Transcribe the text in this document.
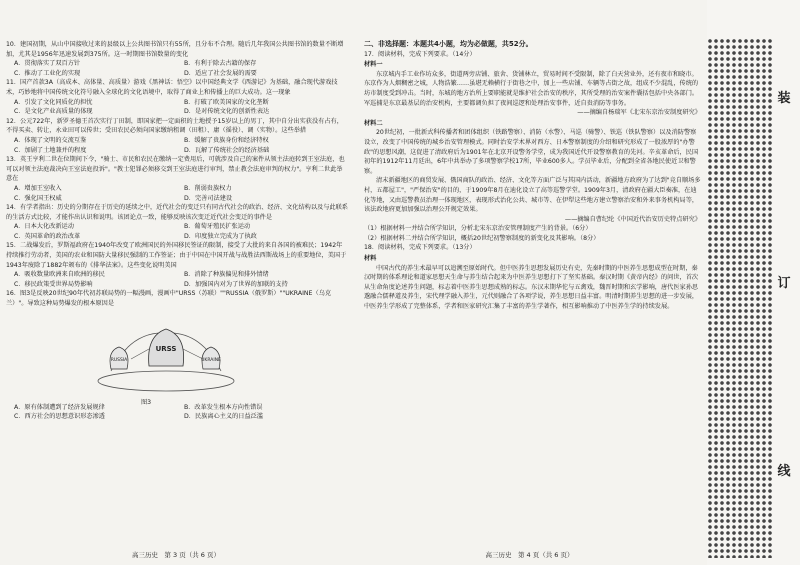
10．建国初期，从山中国接收过来的县级以上公共图书馆只有55所，且分布不合理。随后几年我国公共图书馆的数量不断增加，尤其是1956年迅速发展到375所。这一时期图书馆数量的变化
A．贯彻落实了双百方针	B．有利于除去古籍的保存
C．推动了工业化的实现	D．适应了社会发展的需要
11．国产首款3A（高成本、高体量、高质量）游戏《黑神话：悟空》以中国经典文学《西游记》为基础，融合现代游戏技术，巧妙地将中国传统文化符号融入全球化的文化语境中，取得了商业上和传播上的巨大成功。这一现象
A．引发了文化同质化的担忧	B．打破了欧美国家的文化垄断
C．是文化产业高质量的体现	D．是对传统文化的创新性表达
12．公元722年，新罗圣德王首次实行丁田制，即国家把一定面积的土地授予15岁以上的男丁，其中自分出实获没有占有，不得买卖、转让，永业田可以传世；受田农民必须向国家缴纳租调（田租）、庸（徭役）、调（实物）。这些举措
A．体现了文明的交流互鉴	B．缓解了贵族身份和经济特权
C．加剧了土地兼并的程度	D．瓦解了传统社会的经济基础
13．英王亨利二世在位期间下令，"骑士、市民和农民在缴纳一定费用后，可就涉及自己的案件从领主法庭转到王室法庭，也可以对领主法庭裁决向王室法庭投诉"。"教士犯罪必须移交到王室法庭进行审判，禁止教会法庭审判的权力"。亨利二世此举意在
A．增加王室收入	B．削弱贵族权力
C．强化国王权威	D．完善司法建设
14．有学者指出：历史的分期存在于历史的延续之中，近代社会的变迁只有同古代社会的政治、经济、文化结构以及与此联系的生活方式比较，才能作出认识和说明。该团论点一致，能够反映该次变迁近代社会变迁的事件是
A．日本大化改新运动	B．葡萄牙殖民扩张运动
C．英国革命的政治改革	D．印度独立完成为了执政
15．二战爆发后，罗斯福政府在1940年改变了欧洲国民的外国移民签证的限制，接受了大批的来自各国的被难民；1942年持续推行劳动者，美国的农业和国防大量移民强制的工作签证；由于中国在中国开战与战胜法西斯战场上的重要地位，美国于1943年废除了1882年颁布的《排华法案》。这些变化说明美国
A．吸收数量欧洲来自欧洲的移民	B．消除了种族偏见和排外情绪
C．移民政策受世界局势影响	D．加强国内对为了世界的加联的支持
16．图3是反映20世纪90年代初苏联局势的一幅漫画，漫画中"URSS（苏联）""RUSSIA（俄罗斯）""UKRAINE（乌克兰）"。导致这种局势爆发的根本原因是
URSS
RUSSIA	UKRAINE
图3
A．原有体制遭到了经济发展规律	B．改革发生根本方向性错误
C．西方社会的思想意识形态渗透	D．民族离心主义的日益泛滥
高三历史　第 3 页（共 6 页）
二、非选择题：本题共4小题，均为必做题，共52分。
17．阅读材料，完成下列要求。（14分）
材料一

东京城内手工业作坊众多，街道两旁店铺、旅舍、货铺林立，贸易时间不受限制，除了白天营业外，还有夜市和晓市。东京作为人烟稠密之城，人物浩繁……虽堪无赖横行于街巷之中，加上一些店铺、车辆等占街之故，组成不少混乱，传统的坊市制度受到冲击。当时，东城的地方治所上要职能就是维护社会治安的秩序，其所受理的治安案件囊括包括中央各部门。军巡捕是东京最基层的治安机构，主要都调负担了夜间巡逻和处理治安事件，近自贵消防等事务。

——摘编自杨瑞军《北宋东京治安制度研究》

材料二

20世纪初，一批新式科传播者和团体组织（铁路警察）、消防（水警）、马巡（骑警）、铁巡（铁队警察）以及消防警察设立，改变了中国传统的城乡治安管理模式。同时治安学术界对西方、日本警察制度的介绍和研究形成了一股浓厚的"办警政"的思想风潮，这促进了清政府后为1901年在北京开设警务学堂，成为我国近代开设警察教育的先河。辛亥革命后，民国初年的1912年11月廷出，6年中共举办了多项警察学校17所，毕业600多人。学员毕业后，分配到全省各地民使近卫和警察。

清末新疆地区的商贸发展、俄国商队的政治、经济、文化等方面广泛与其国内活动，新疆地方政府为了达到"竞自顺场多村，五都屋工"，"严保治安"的目的，于1909年8月在迪化设立了高等巡警学堂。1909年3月，清政府在疆大臣奏准，在迪化等地，又由巡警教员治理一体现地区，表现形式治化公共、城市等、在伊犁这些地方建立警察治安和外来事务机构局等，该法政地府更加加强以治理公开规定效果。

——摘编自曹纪纶《中国近代治安历史特点研究》

（1）根据材料一并结合所学知识，分析北宋东京治安管理制度产生的背景。（6分）
（2）根据材料二并结合所学知识，概括20世纪初警察制度的新变化及其影响。（8分）
18．阅读材料，完成下列要求。（13分）
材料

中国古代的养生术最早可以追溯至原始时代。但中医养生思想发展历史有史，先秦时期的中医养生思想成型在时期，秦汉时期的体系理论和道家思想天生命与养生结合起来为中医养生思想打下了坚实基础。秦汉时期《黄帝内经》的问世，首次从生命角度论述养生问题，标志着中医养生思想成熟的标志。东汉末期华佗与五禽戏，魏晋时期和玄学影响，唐代医家孙思邈融合儒释道及养生，宋代理学融入养生，元代则融合了各项学说，养生思想日益丰富。明清时期养生思想的进一步发展，中医养生学形成了完整体系，学者和医家研究汇集了丰富的养生学著作，相互影响推动了中医养生学的持续发展。

高三历史　第 4 页（共 6 页）
装
订
线
